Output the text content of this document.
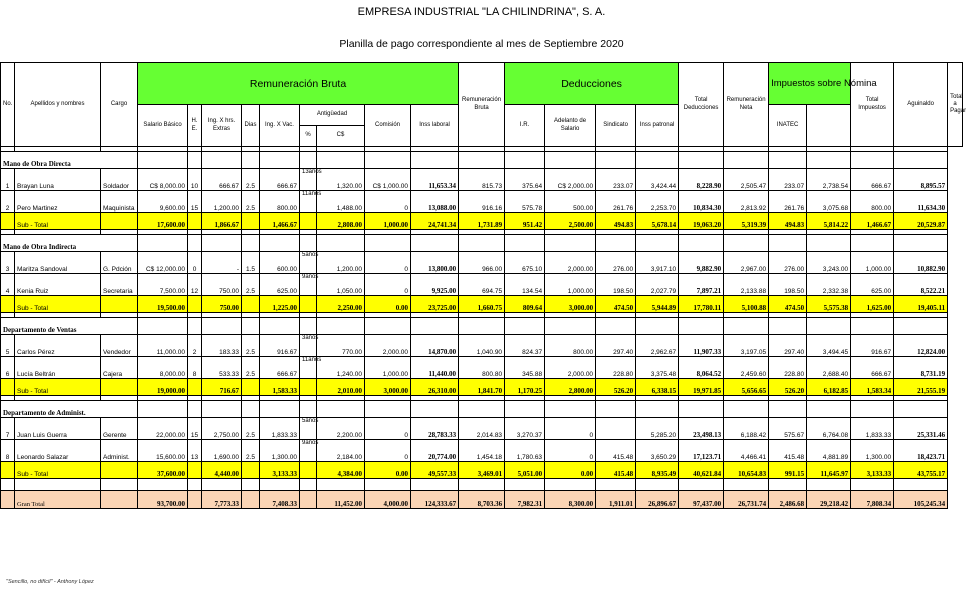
EMPRESA INDUSTRIAL "LA CHILINDRINA", S. A.
Planilla de pago correspondiente al mes de Septiembre 2020
No.	Apellidos y nombres	Cargo	Remuneración Bruta									Remuneración Bruta	Deducciones				Total Deducciones	Remuneración Neta	Impuestos sobre Nómina		Total Impuestos	Aguinaldo	Total a Pagar
			Salario Básico	H. E.	Ing. X hrs. Extras	Dias	Ing. X Vac.	Antigüedad		Comisión	Inss laboral		I.R.	Adelanto de Salario	Sindicato	Inss patronal			INATEC				
								%	C$														

Mano de Obra Directa																							
1	Brayan Luna	Soldador	C$ 8,000.00	10	666.67	2.5	666.67	13años	1,320.00	C$ 1,000.00	11,653.34	815.73	375.64	C$ 2,000.00	233.07	3,424.44	8,228.90	2,505.47	233.07	2,738.54	666.67	8,895.57	
2	Pero Martinez	Maquinista	9,600.00	15	1,200.00	2.5	800.00	11años	1,488.00	0	13,088.00	916.16	575.78	500.00	261.76	2,253.70	10,834.30	2,813.92	261.76	3,075.68	800.00	11,634.30	
	Sub - Total		17,600.00		1,866.67		1,466.67		2,808.00	1,000.00	24,741.34	1,731.89	951.42	2,500.00	494.83	5,678.14	19,063.20	5,319.39	494.83	5,814.22	1,466.67	20,529.87	

Mano de Obra Indirecta																							
3	Maritza Sandoval	G. Pdción	C$ 12,000.00	0	-	1.5	600.00	5años	1,200.00	0	13,800.00	966.00	675.10	2,000.00	276.00	3,917.10	9,882.90	2,967.00	276.00	3,243.00	1,000.00	10,882.90	
4	Kenia Ruiz	Secretaria	7,500.00	12	750.00	2.5	625.00	9años	1,050.00	0	9,925.00	694.75	134.54	1,000.00	198.50	2,027.79	7,897.21	2,133.88	198.50	2,332.38	625.00	8,522.21	
	Sub - Total		19,500.00		750.00		1,225.00		2,250.00	0.00	23,725.00	1,660.75	809.64	3,000.00	474.50	5,944.89	17,780.11	5,100.88	474.50	5,575.38	1,625.00	19,405.11	

Departamento de Ventas																							
5	Carlos Pérez	Vendedor	11,000.00	2	183.33	2.5	916.67	3años	770.00	2,000.00	14,870.00	1,040.90	824.37	800.00	297.40	2,962.67	11,907.33	3,197.05	297.40	3,494.45	916.67	12,824.00	
6	Lucía Beltrán	Cajera	8,000.00	8	533.33	2.5	666.67	11años	1,240.00	1,000.00	11,440.00	800.80	345.88	2,000.00	228.80	3,375.48	8,064.52	2,459.60	228.80	2,688.40	666.67	8,731.19	
	Sub - Total		19,000.00		716.67		1,583.33		2,010.00	3,000.00	26,310.00	1,841.70	1,170.25	2,800.00	526.20	6,338.15	19,971.85	5,656.65	526.20	6,182.85	1,583.34	21,555.19	

Departamento de Administ.																							
7	Juan Luis Guerra	Gerente	22,000.00	15	2,750.00	2.5	1,833.33	5años	2,200.00	0	28,783.33	2,014.83	3,270.37	0		5,285.20	23,498.13	6,188.42	575.67	6,764.08	1,833.33	25,331.46	
8	Leonardo Salazar	Administ.	15,600.00	13	1,690.00	2.5	1,300.00	9años	2,184.00	0	20,774.00	1,454.18	1,780.63	0	415.48	3,650.29	17,123.71	4,466.41	415.48	4,881.89	1,300.00	18,423.71	
	Sub - Total		37,600.00		4,440.00		3,133.33		4,384.00	0.00	49,557.33	3,469.01	5,051.00	0.00	415.48	8,935.49	40,621.84	10,654.83	991.15	11,645.97	3,133.33	43,755.17	

	Gran Total		93,700.00		7,773.33		7,408.33		11,452.00	4,000.00	124,333.67	8,703.36	7,982.31	8,300.00	1,911.01	26,896.67	97,437.00	26,731.74	2,486.68	29,218.42	7,808.34	105,245.34	
"Sencillo, no difícil" - Anthony López
